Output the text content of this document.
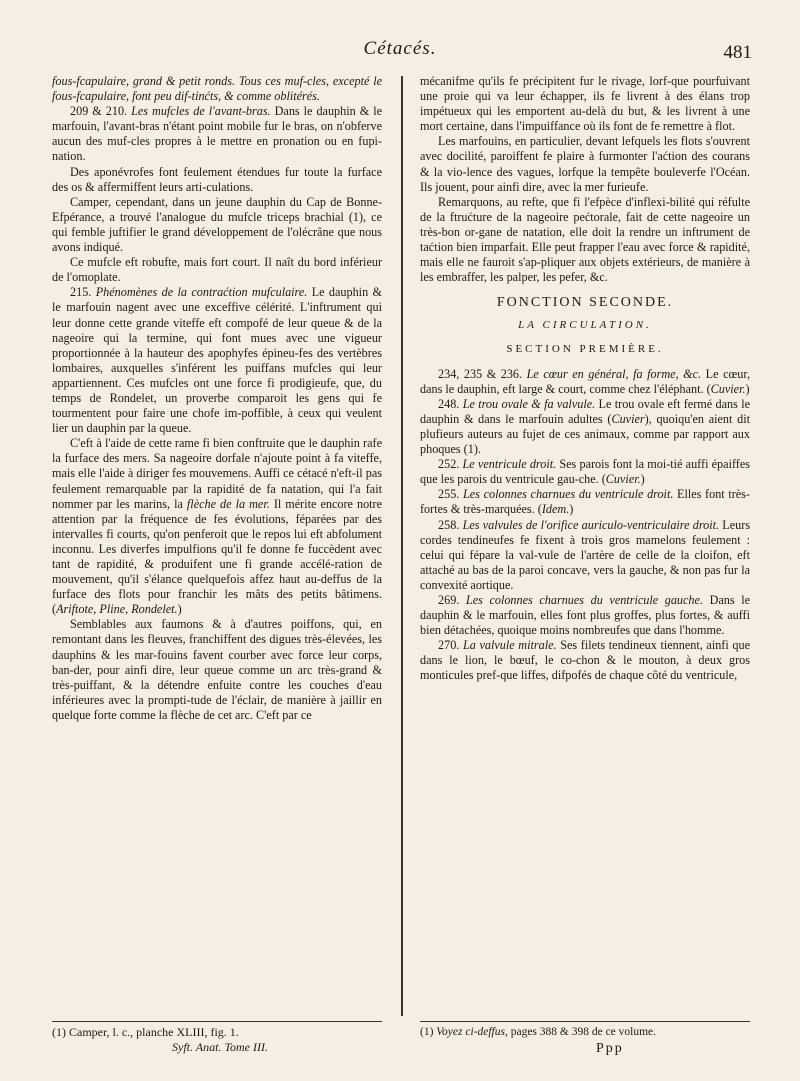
Cétacés.	481

fous-fcapulaire, grand & petit ronds. Tous ces muf-cles, excepté le fous-fcapulaire, font peu dif-tinćts, & comme oblitérés.

209 & 210. Les mufcles de l'avant-bras. Dans le dauphin & le marfouin, l'avant-bras n'étant point mobile fur le bras, on n'obferve aucun des muf-cles propres à le mettre en pronation ou en fupi-nation.

Des aponévrofes font feulement étendues fur toute la furface des os & affermiffent leurs arti-culations.

Camper, cependant, dans un jeune dauphin du Cap de Bonne-Efpérance, a trouvé l'analogue du mufcle triceps brachial (1), ce qui femble juftifier le grand développement de l'olécrâne que nous avons indiqué.

Ce mufcle eft robufte, mais fort court. Il naît du bord inférieur de l'omoplate.

215. Phénomènes de la contraćtion mufculaire. Le dauphin & le marfouin nagent avec une exceffive célérité. L'inftrument qui leur donne cette grande viteffe eft compofé de leur queue & de la nageoire qui la termine, qui font mues avec une vigueur proportionnée à la hauteur des apophyfes épineu-fes des vertèbres lombaires, auxquelles s'inférent les puiffans mufcles qui leur appartiennent. Ces mufcles ont une force fi prodigieufe, que, du temps de Rondelet, un proverbe comparoit les gens qui fe tourmentent pour faire une chofe im-poffible, à ceux qui veulent lier un dauphin par la queue.

C'eft à l'aide de cette rame fi bien conftruite que le dauphin rafe la furface des mers. Sa nageoire dorfale n'ajoute point à fa viteffe, mais elle l'aide à diriger fes mouvemens. Auffi ce cétacé n'eft-il pas feulement remarquable par la rapidité de fa natation, qui l'a fait nommer par les marins, la flèche de la mer. Il mérite encore notre attention par la fréquence de fes évolutions, féparées par des intervalles fi courts, qu'on penferoit que le repos lui eft abfolument inconnu. Les diverfes impulfions qu'il fe donne fe fuccèdent avec tant de rapidité, & produifent une fi grande accélé-ration de mouvement, qu'il s'élance quelquefois affez haut au-deffus de la furface des flots pour franchir les mâts des petits bâtimens. (Ariftote, Pline, Rondelet.)

Semblables aux faumons & à d'autres poiffons, qui, en remontant dans les fleuves, franchiffent des digues très-élevées, les dauphins & les mar-fouins favent courber avec force leur corps, ban-der, pour ainfi dire, leur queue comme un arc très-grand & très-puiffant, & la détendre enfuite contre les couches d'eau inférieures avec la prompti-tude de l'éclair, de manière à jaillir en quelque forte comme la flèche de cet arc. C'eft par ce

mécanifme qu'ils fe précipitent fur le rivage, lorf-que pourfuivant une proie qui va leur échapper, ils fe livrent à des élans trop impétueux qui les emportent au-delà du but, & les livrent à une mort certaine, dans l'impuiffance où ils font de fe remettre à flot.

Les marfouins, en particulier, devant lefquels les flots s'ouvrent avec docilité, paroiffent fe plaire à furmonter l'aćtion des courans & la vio-lence des vagues, lorfque la tempête bouleverfe l'Océan. Ils jouent, pour ainfi dire, avec la mer furieufe.

Remarquons, au refte, que fi l'efpèce d'inflexi-bilité qui réfulte de la ftrućture de la nageoire pećtorale, fait de cette nageoire un très-bon or-gane de natation, elle doit la rendre un inftrument de taćtion bien imparfait. Elle peut frapper l'eau avec force & rapidité, mais elle ne fauroit s'ap-pliquer aux objets extérieurs, de manière à les embraffer, les palper, les pefer, &c.

FONCTION SECONDE.
LA CIRCULATION.
SECTION PREMIÈRE.

234, 235 & 236. Le cœur en général, fa forme, &c. Le cœur, dans le dauphin, eft large & court, comme chez l'éléphant. (Cuvier.)

248. Le trou ovale & fa valvule. Le trou ovale eft fermé dans le dauphin & dans le marfouin adultes (Cuvier), quoiqu'en aient dit plufieurs auteurs au fujet de ces animaux, comme par rapport aux phoques (1).

252. Le ventricule droit. Ses parois font la moi-tié auffi épaiffes que les parois du ventricule gau-che. (Cuvier.)

255. Les colonnes charnues du ventricule droit. Elles font très-fortes & très-marquées. (Idem.)

258. Les valvules de l'orifice auriculo-ventriculaire droit. Leurs cordes tendineufes fe fixent à trois gros mamelons feulement : celui qui fépare la val-vule de l'artère de celle de la cloifon, eft attaché au bas de la paroi concave, vers la gauche, & non pas fur la convexité aortique.

269. Les colonnes charnues du ventricule gauche. Dans le dauphin & le marfouin, elles font plus groffes, plus fortes, & auffi bien détachées, quoique moins nombreufes que dans l'homme.

270. La valvule mitrale. Ses filets tendineux tiennent, ainfi que dans le lion, le bœuf, le co-chon & le mouton, à deux gros monticules pref-que liffes, difpofés de chaque côté du ventricule,

(1) Camper, l. c., planche XLIII, fig. 1.
Syft. Anat. Tome III.
(1) Voyez ci-deffus, pages 388 & 398 de ce volume.
Ppp
